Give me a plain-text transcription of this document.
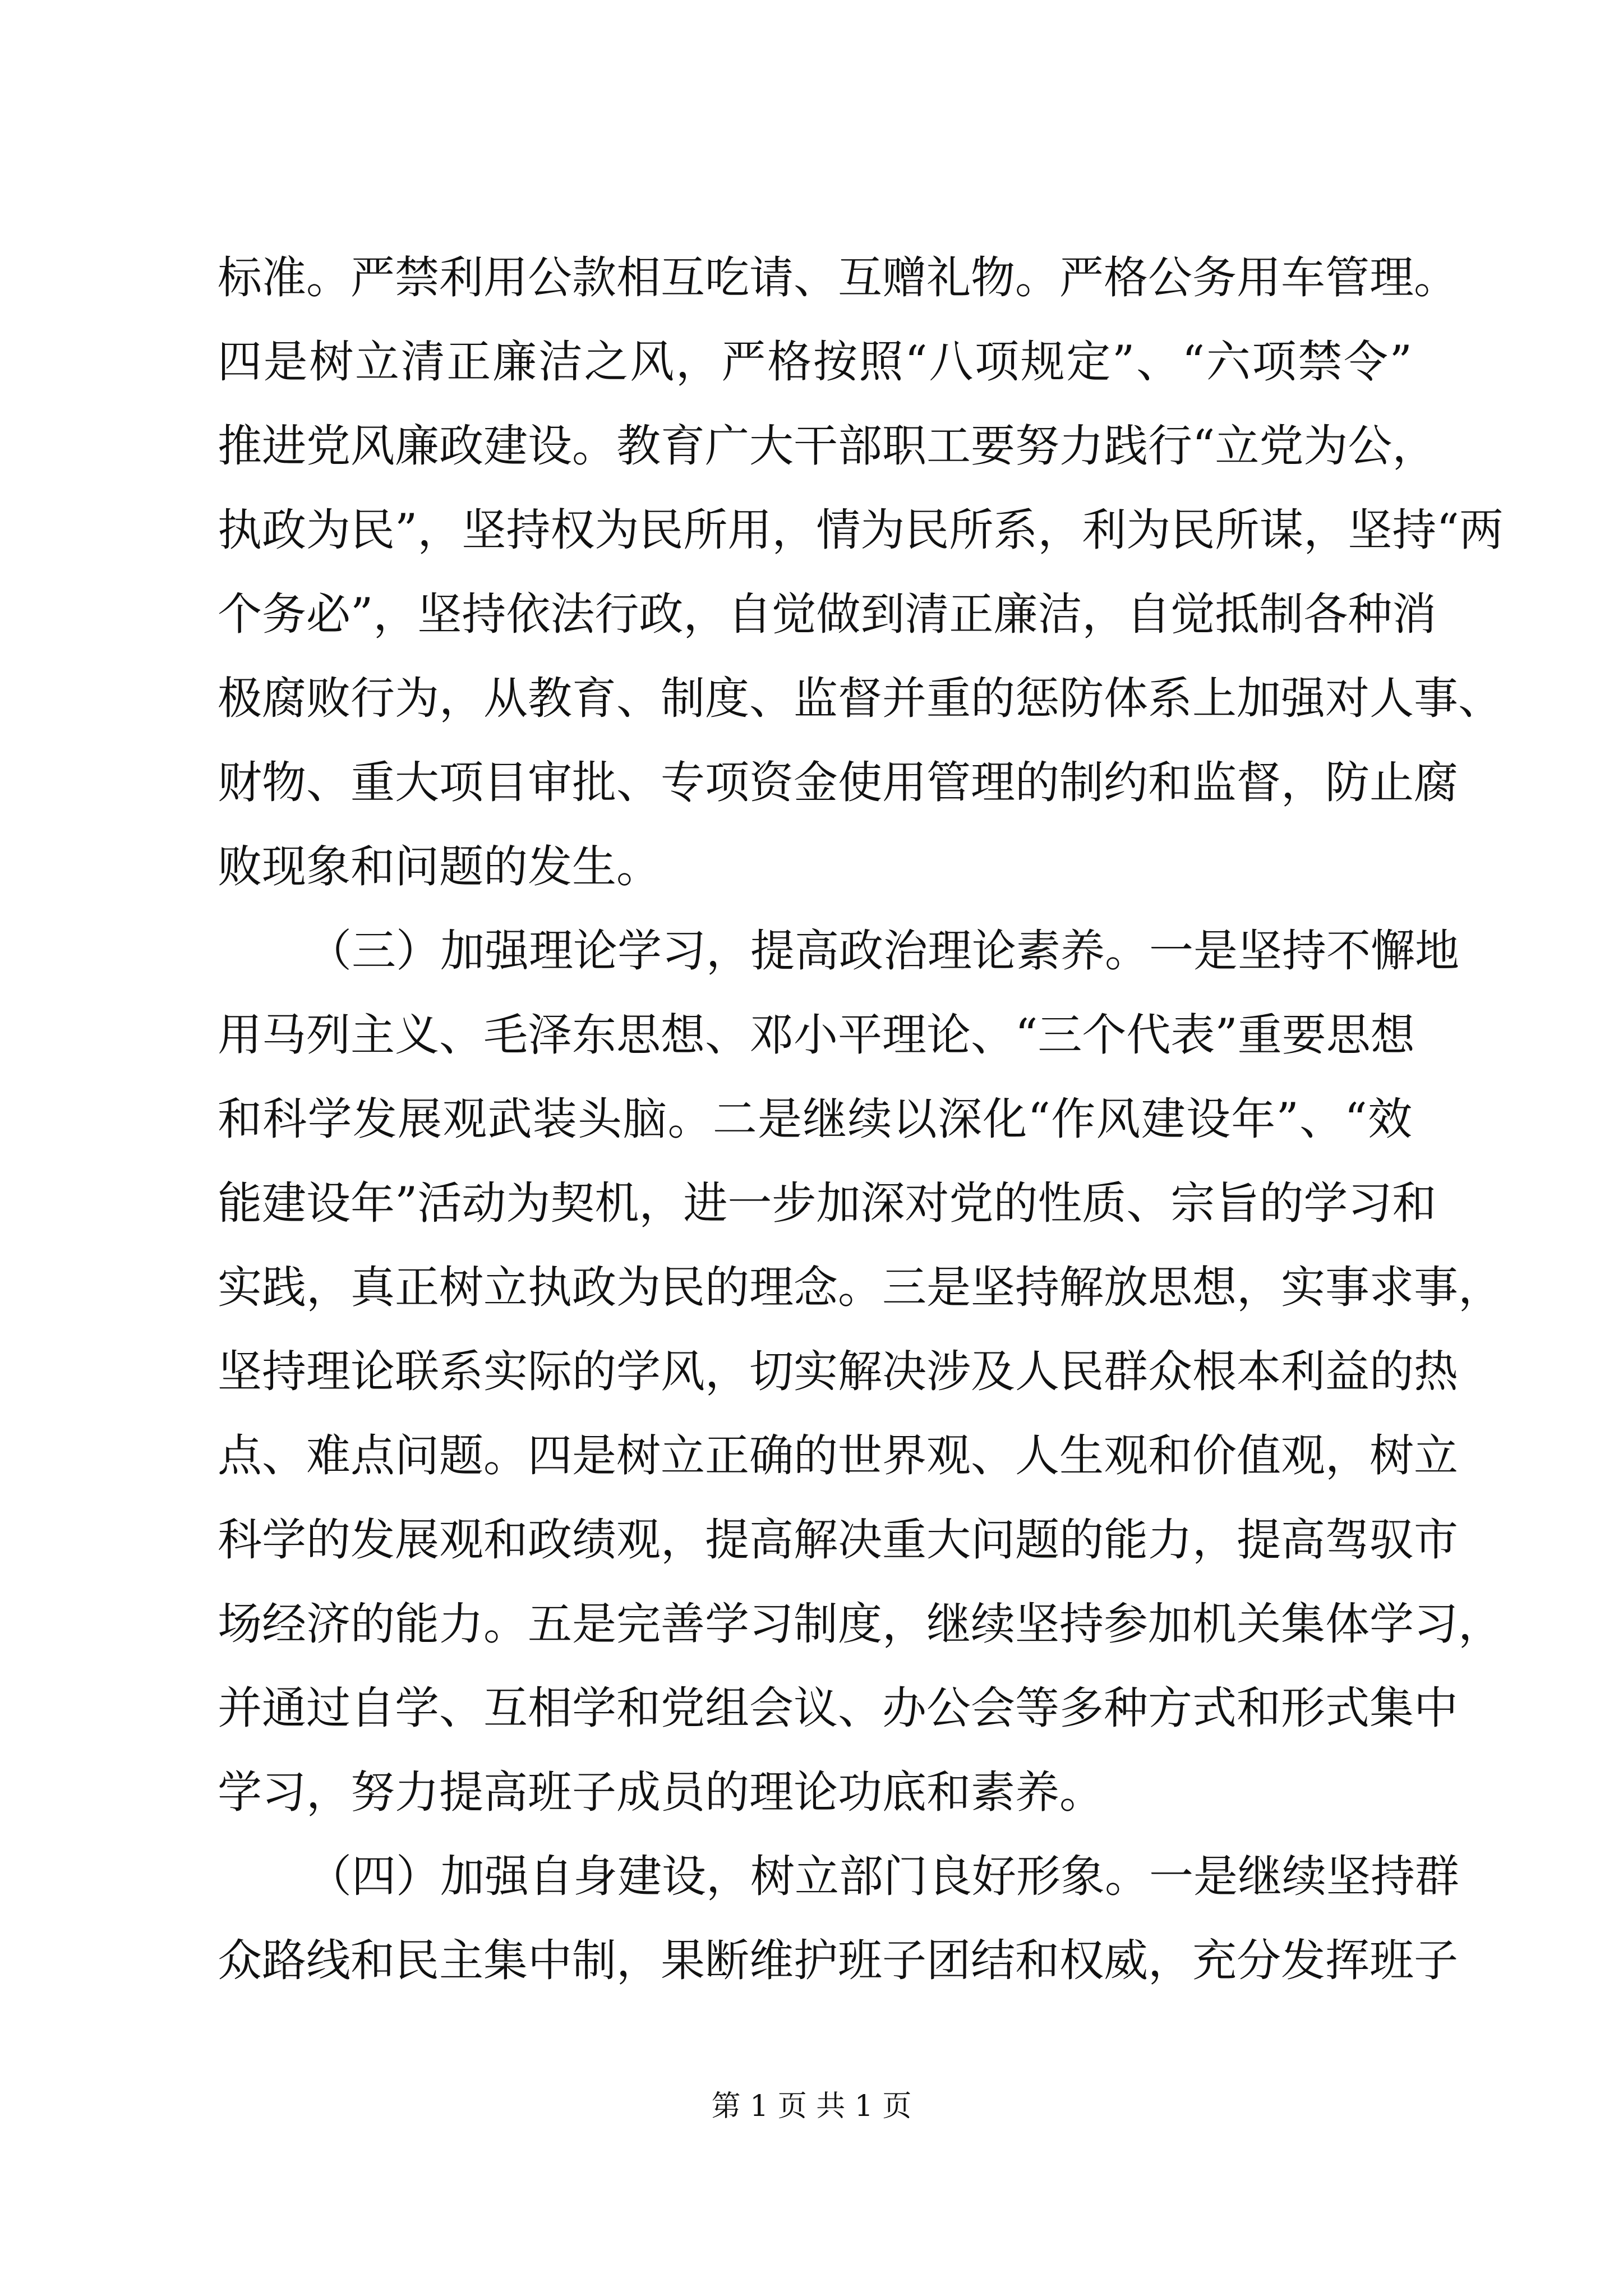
标准。严禁利用公款相互吃请、互赠礼物。严格公务用车管理。
四是树立清正廉洁之风，严格按照“八项规定”、“六项禁令”
推进党风廉政建设。教育广大干部职工要努力践行“立党为公，
执政为民”，坚持权为民所用，情为民所系，利为民所谋，坚持“两
个务必”，坚持依法行政，自觉做到清正廉洁，自觉抵制各种消
极腐败行为，从教育、制度、监督并重的惩防体系上加强对人事、
财物、重大项目审批、专项资金使用管理的制约和监督，防止腐
败现象和问题的发生。
（三）加强理论学习，提高政治理论素养。一是坚持不懈地
用马列主义、毛泽东思想、邓小平理论、“三个代表”重要思想
和科学发展观武装头脑。二是继续以深化“作风建设年”、“效
能建设年”活动为契机，进一步加深对党的性质、宗旨的学习和
实践，真正树立执政为民的理念。三是坚持解放思想，实事求事，
坚持理论联系实际的学风，切实解决涉及人民群众根本利益的热
点、难点问题。四是树立正确的世界观、人生观和价值观，树立
科学的发展观和政绩观，提高解决重大问题的能力，提高驾驭市
场经济的能力。五是完善学习制度，继续坚持参加机关集体学习，
并通过自学、互相学和党组会议、办公会等多种方式和形式集中
学习，努力提高班子成员的理论功底和素养。
（四）加强自身建设，树立部门良好形象。一是继续坚持群
众路线和民主集中制，果断维护班子团结和权威，充分发挥班子
第 1 页 共 1 页
